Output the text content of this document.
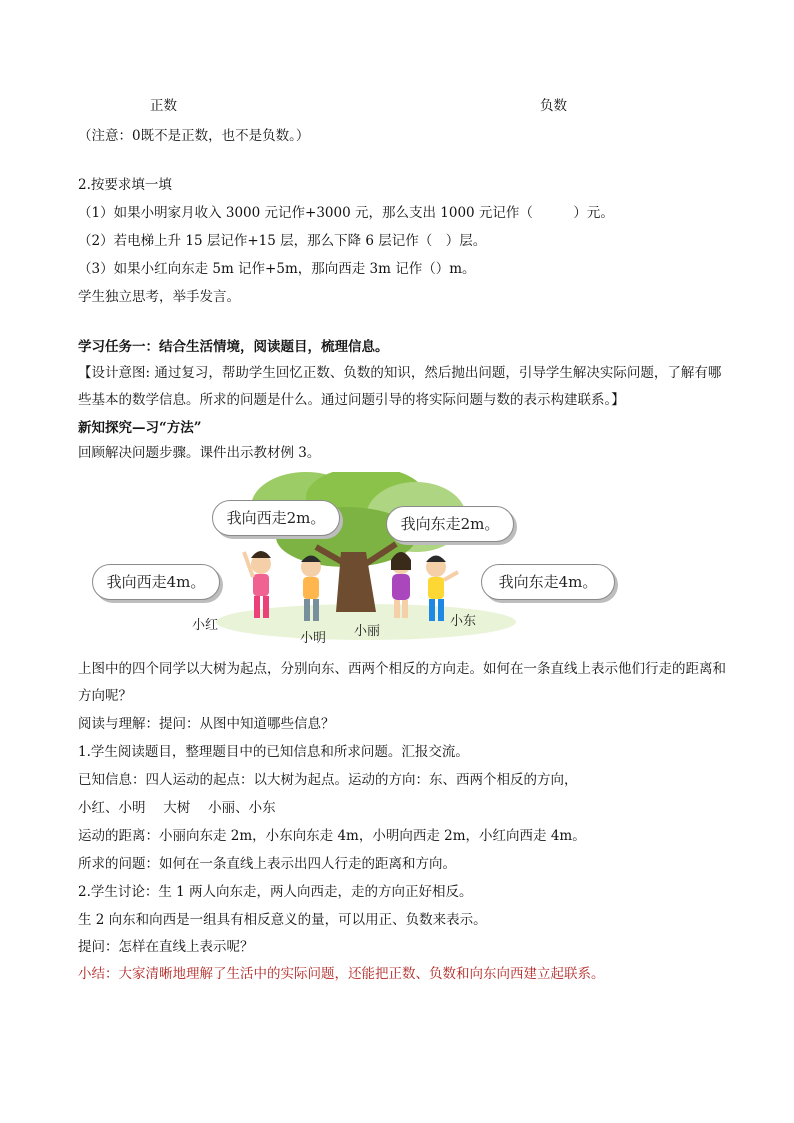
正数	负数
（注意：0既不是正数，也不是负数。）
2.按要求填一填
（1）如果小明家月收入 3000 元记作+3000 元，那么支出 1000 元记作（　　　）元。
（2）若电梯上升 15 层记作+15 层，那么下降 6 层记作（　）层。
（3）如果小红向东走 5m 记作+5m，那向西走 3m 记作（）m。
学生独立思考，举手发言。
学习任务一：结合生活情境，阅读题目，梳理信息。
【设计意图: 通过复习，帮助学生回忆正数、负数的知识，然后抛出问题，引导学生解决实际问题，了解有哪些基本的数学信息。所求的问题是什么。通过问题引导的将实际问题与数的表示构建联系。】
新知探究—习“方法”
回顾解决问题步骤。课件出示教材例 3。
我向西走4m。
我向西走2m。	我向东走2m。
我向东走4m。
小红
小明 小丽
小东
上图中的四个同学以大树为起点，分别向东、西两个相反的方向走。如何在一条直线上表示他们行走的距离和方向呢？
阅读与理解：提问：从图中知道哪些信息？
1.学生阅读题目，整理题目中的已知信息和所求问题。汇报交流。
已知信息：四人运动的起点：以大树为起点。运动的方向：东、西两个相反的方向，
小红、小明　 大树　 小丽、小东
运动的距离：小丽向东走 2m，小东向东走 4m，小明向西走 2m，小红向西走 4m。
所求的问题：如何在一条直线上表示出四人行走的距离和方向。
2.学生讨论：生 1 两人向东走，两人向西走，走的方向正好相反。
生 2 向东和向西是一组具有相反意义的量，可以用正、负数来表示。
提问：怎样在直线上表示呢？
小结：大家清晰地理解了生活中的实际问题，还能把正数、负数和向东向西建立起联系。
